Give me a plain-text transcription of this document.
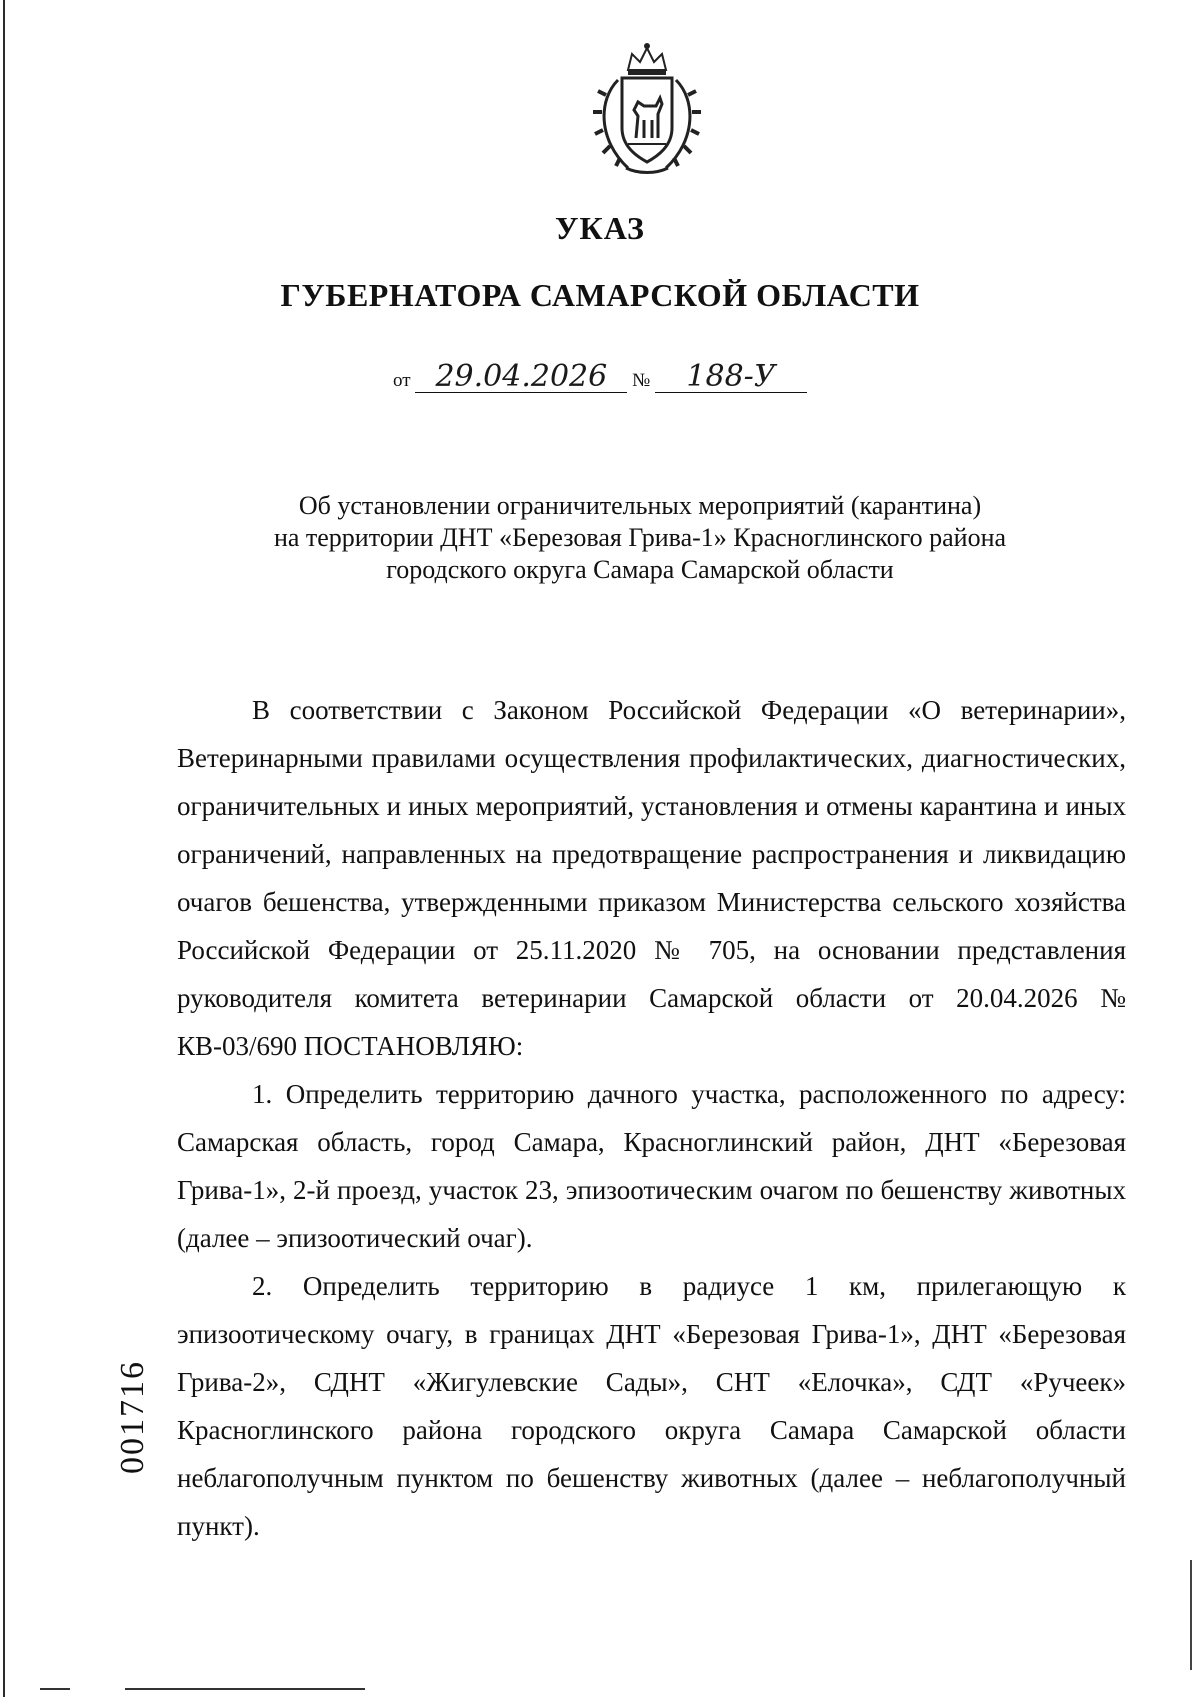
УКАЗ
ГУБЕРНАТОРА САМАРСКОЙ ОБЛАСТИ
от 29.04.2026 № 188-У
Об установлении ограничительных мероприятий (карантина)
на территории ДНТ «Березовая Грива-1» Красноглинского района
городского округа Самара Самарской области

В соответствии с Законом Российской Федерации «О ветеринарии», Ветеринарными правилами осуществления профилактических, диагностических, ограничительных и иных мероприятий, установления и отмены карантина и иных ограничений, направленных на предотвращение распространения и ликвидацию очагов бешенства, утвержденными приказом Министерства сельского хозяйства Российской Федерации от 25.11.2020 № 705, на основании представления руководителя комитета ветеринарии Самарской области от 20.04.2026 № КВ-03/690 ПОСТАНОВЛЯЮ:

1. Определить территорию дачного участка, расположенного по адресу: Самарская область, город Самара, Красноглинский район, ДНТ «Березовая Грива-1», 2-й проезд, участок 23, эпизоотическим очагом по бешенству животных (далее – эпизоотический очаг).

2. Определить территорию в радиусе 1 км, прилегающую к эпизоотическому очагу, в границах ДНТ «Березовая Грива-1», ДНТ «Березовая Грива-2», СДНТ «Жигулевские Сады», СНТ «Елочка», СДТ «Ручеек» Красноглинского района городского округа Самара Самарской области неблагополучным пунктом по бешенству животных (далее – неблагополучный пункт).

001716
